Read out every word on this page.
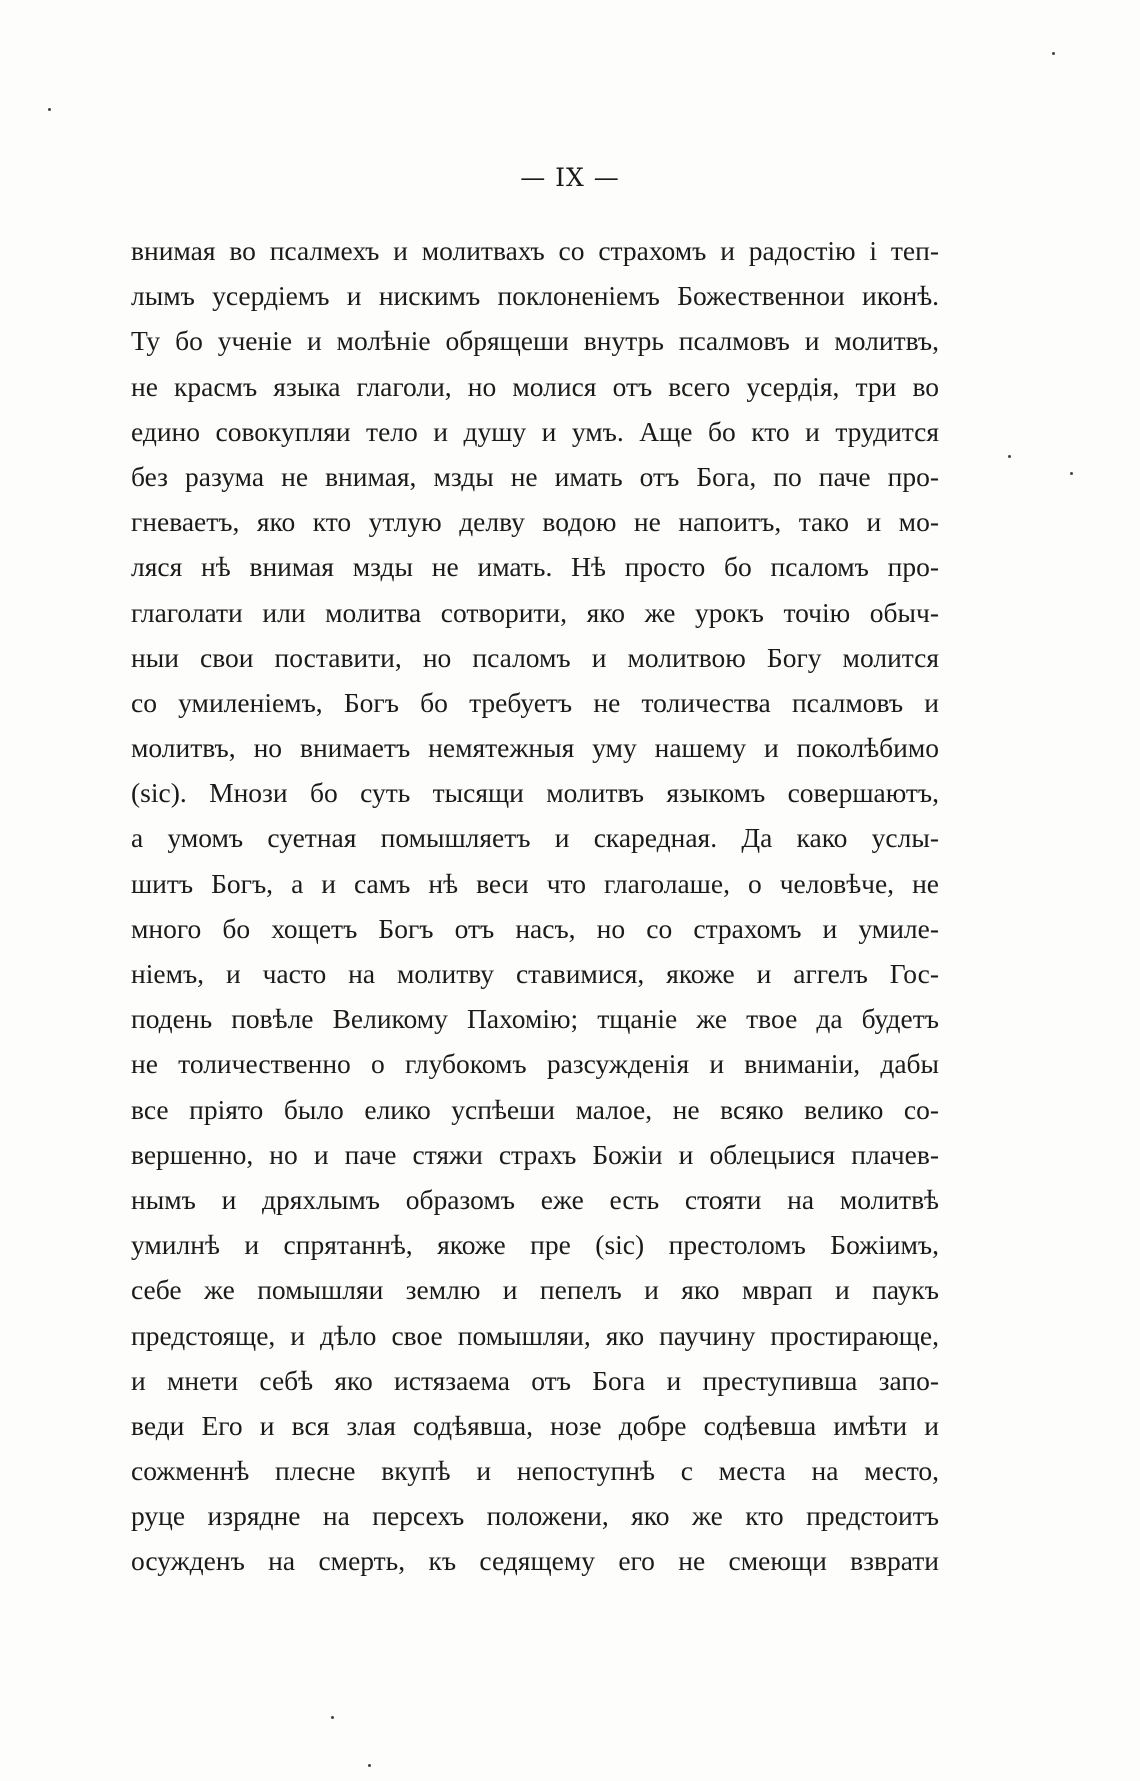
— IX —
внимая во псалмехъ и молитвахъ со страхомъ и радостію і теп-
лымъ усердіемъ и нискимъ поклоненіемъ Божественнои иконѣ.
Ту бо ученіе и молѣніе обрящеши внутрь псалмовъ и молитвъ,
не красмъ языка глаголи, но молися отъ всего усердія, три во
едино совокупляи тело и душу и умъ. Аще бо кто и трудится
без разума не внимая, мзды не имать отъ Бога, по паче про-
гневаетъ, яко кто утлую делву водою не напоитъ, тако и мо-
ляся нѣ внимая мзды не имать. Нѣ просто бо псаломъ про-
глаголати или молитва сотворити, яко же урокъ точію обыч-
ныи свои поставити, но псаломъ и молитвою Богу молится
со умиленіемъ, Богъ бо требуетъ не толичества псалмовъ и
молитвъ, но внимаетъ немятежныя уму нашему и поколѣбимо
(sic). Мнози бо суть тысящи молитвъ языкомъ совершаютъ,
а умомъ суетная помышляетъ и скаредная. Да како услы-
шитъ Богъ, а и самъ нѣ веси что глаголаше, о человѣче, не
много бо хощетъ Богъ отъ насъ, но со страхомъ и умиле-
ніемъ, и часто на молитву ставимися, якоже и аггелъ Гос-
подень повѣле Великому Пахомію; тщаніе же твое да будетъ
не толичественно о глубокомъ разсужденія и вниманіи, дабы
все пріято было елико успѣеши малое, не всяко велико со-
вершенно, но и паче стяжи страхъ Божіи и облецыися плачев-
нымъ и дряхлымъ образомъ еже есть стояти на молитвѣ
умилнѣ и спрятаннѣ, якоже пре (sic) престоломъ Божіимъ,
себе же помышляи землю и пепелъ и яко мврап и паукъ
предстояще, и дѣло свое помышляи, яко паучину простирающе,
и мнети себѣ яко истязаема отъ Бога и преступивша запо-
веди Его и вся злая содѣявша, нозе добре содѣевша имѣти и
сожменнѣ плесне вкупѣ и непоступнѣ с места на место,
руце изрядне на персехъ положени, яко же кто предстоитъ
осужденъ на смерть, къ седящему его не смеющи взврати
